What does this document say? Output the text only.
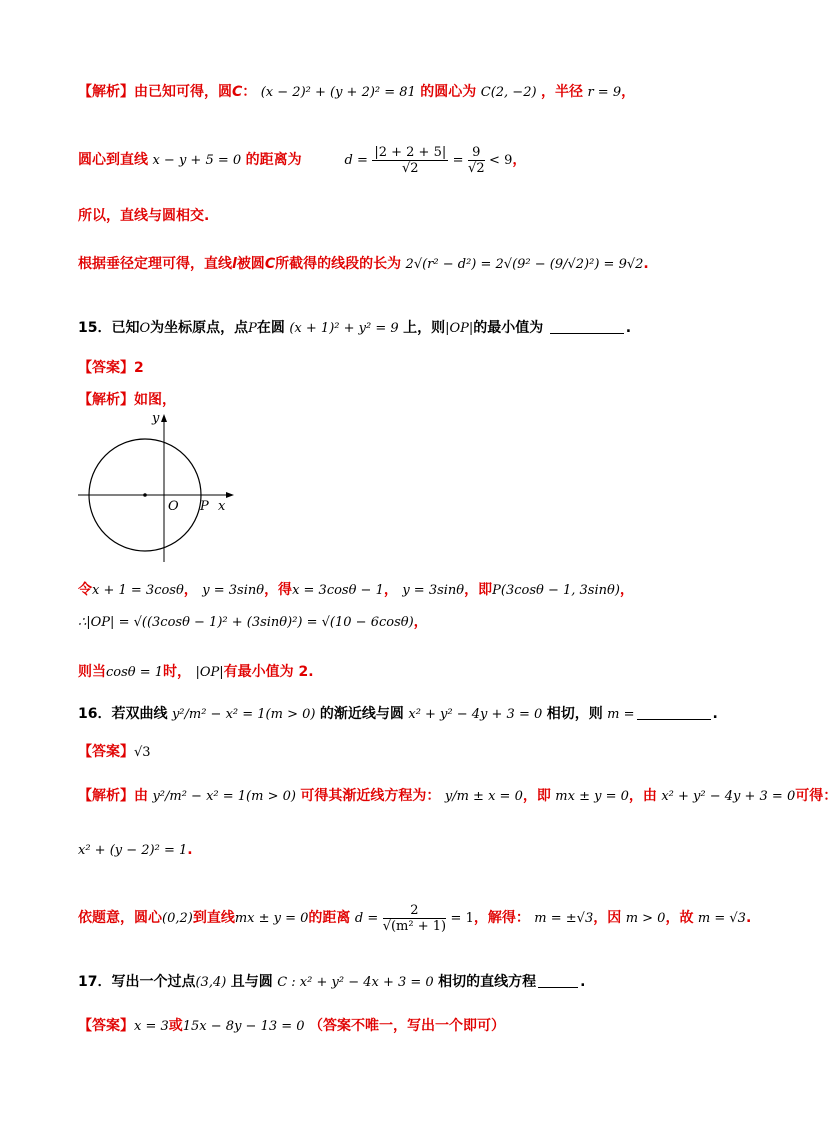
【解析】由已知可得，圆C： (x − 2)² + (y + 2)² = 81 的圆心为 C(2, −2) ，半径 r = 9，
圆心到直线 x − y + 5 = 0 的距离为	$d = \frac{|2 + 2 + 5|}{√2} = \frac{9}{√2} < 9$，
所以，直线与圆相交.
根据垂径定理可得，直线l被圆C所截得的线段的长为 2√(r² − d²) = 2√(9² − (9/√2)²) = 9√2.
15．已知O为坐标原点，点P在圆 (x + 1)² + y² = 9 上，则|OP|的最小值为	.
【答案】2
【解析】如图，
y
x
O P
令x + 1 = 3cosθ， y = 3sinθ，得x = 3cosθ − 1， y = 3sinθ，即P(3cosθ − 1, 3sinθ)，
∴|OP| = √((3cosθ − 1)² + (3sinθ)²) = √(10 − 6cosθ)，
则当cosθ = 1时， |OP|有最小值为 2.
16．若双曲线 y²/m² − x² = 1(m > 0) 的渐近线与圆 x² + y² − 4y + 3 = 0 相切，则 m =	.
【答案】√3
【解析】由 y²/m² − x² = 1(m > 0) 可得其渐近线方程为： y/m ± x = 0，即 mx ± y = 0，由 x² + y² − 4y + 3 = 0可得：
x² + (y − 2)² = 1.
依题意，圆心(0,2)到直线mx ± y = 0的距离 $d = \frac{2}{\text{√(m² + 1)}} = 1$，解得： m = ±√3，因 m > 0，故 m = √3.
17．写出一个过点(3,4) 且与圆 C : x² + y² − 4x + 3 = 0 相切的直线方程	.
【答案】x = 3或15x − 8y − 13 = 0 （答案不唯一，写出一个即可）
